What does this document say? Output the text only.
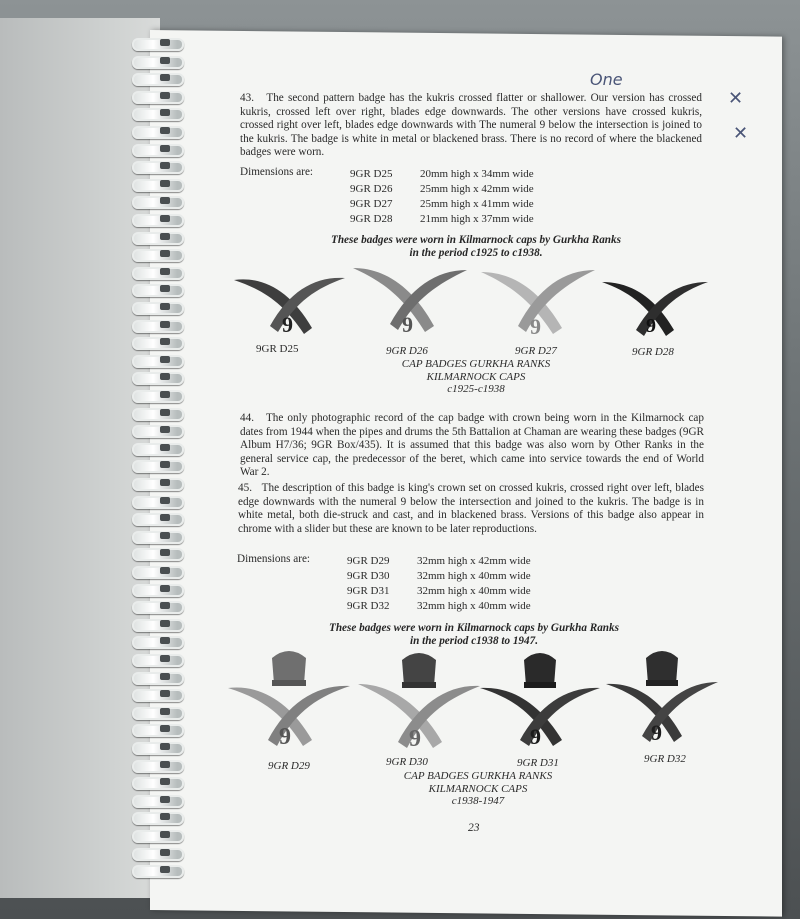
43. The second pattern badge has the kukris crossed flatter or shallower. Our version has crossed kukris, crossed left over right, blades edge downwards. The other versions have crossed kukris, crossed right over left, blades edge downwards with The numeral 9 below the intersection is joined to the kukris. The badge is white in metal or blackened brass. There is no record of where the blackened badges were worn.
One
✕
✕
Dimensions are:	9GR D25	20mm high x 34mm wide
9GR D26	25mm high x 42mm wide
9GR D27	25mm high x 41mm wide
9GR D28	21mm high x 37mm wide
These badges were worn in Kilmarnock caps by Gurkha Ranks
in the period c1925 to c1938.
9	9	9	9
9GR D25	9GR D26	9GR D27	9GR D28
CAP BADGES GURKHA RANKS
KILMARNOCK CAPS
c1925-c1938
44. The only photographic record of the cap badge with crown being worn in the Kilmarnock cap dates from 1944 when the pipes and drums the 5th Battalion at Chaman are wearing these badges (9GR Album H7/36; 9GR Box/435). It is assumed that this badge was also worn by Other Ranks in the general service cap, the predecessor of the beret, which came into service towards the end of World War 2.
45. The description of this badge is king's crown set on crossed kukris, crossed right over left, blades edge downwards with the numeral 9 below the intersection and joined to the kukris. The badge is in white metal, both die-struck and cast, and in blackened brass. Versions of this badge also appear in chrome with a slider but these are known to be later reproductions.
Dimensions are:	9GR D29	32mm high x 42mm wide
9GR D30	32mm high x 40mm wide
9GR D31	32mm high x 40mm wide
9GR D32	32mm high x 40mm wide
These badges were worn in Kilmarnock caps by Gurkha Ranks
in the period c1938 to 1947.
9	9	9	9
9GR D29	9GR D30	9GR D31	9GR D32
CAP BADGES GURKHA RANKS
KILMARNOCK CAPS
c1938-1947
23
